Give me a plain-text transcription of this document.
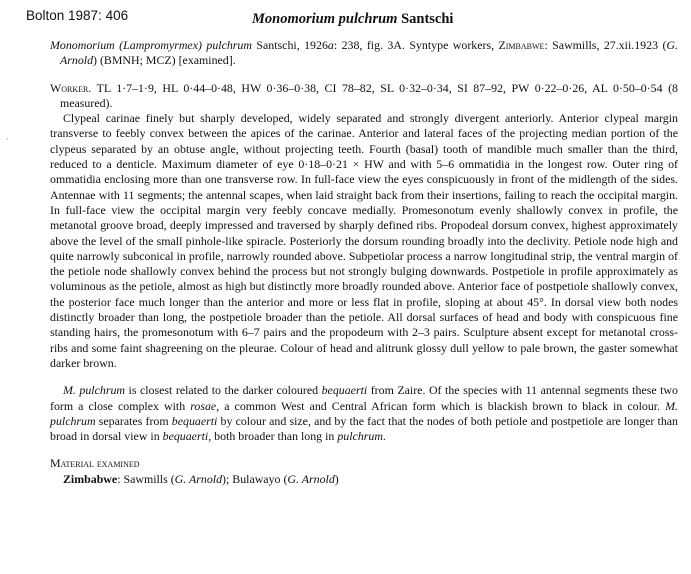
Bolton 1987: 406	Monomorium pulchrum Santschi
·

Monomorium (Lampromyrmex) pulchrum Santschi, 1926a: 238, fig. 3A. Syntype workers, Zimbabwe: Sawmills, 27.xii.1923 (G. Arnold) (BMNH; MCZ) [examined].

Worker. TL 1·7–1·9, HL 0·44–0·48, HW 0·36–0·38, CI 78–82, SL 0·32–0·34, SI 87–92, PW 0·22–0·26, AL 0·50–0·54 (8 measured).

Clypeal carinae finely but sharply developed, widely separated and strongly divergent anteriorly. Anterior clypeal margin transverse to feebly convex between the apices of the carinae. Anterior and lateral faces of the projecting median portion of the clypeus separated by an obtuse angle, without projecting teeth. Fourth (basal) tooth of mandible much smaller than the third, reduced to a denticle. Maximum diameter of eye 0·18–0·21 × HW and with 5–6 ommatidia in the longest row. Outer ring of ommatidia enclosing more than one transverse row. In full-face view the eyes conspicuously in front of the midlength of the sides. Antennae with 11 segments; the antennal scapes, when laid straight back from their insertions, failing to reach the occipital margin. In full-face view the occipital margin very feebly concave medially. Promesonotum evenly shallowly convex in profile, the metanotal groove broad, deeply impressed and traversed by sharply defined ribs. Propodeal dorsum convex, highest approximately above the level of the small pinhole-like spiracle. Posteriorly the dorsum rounding broadly into the declivity. Petiole node high and quite narrowly subconical in profile, narrowly rounded above. Subpetiolar process a narrow longitudinal strip, the ventral margin of the petiole node shallowly convex behind the process but not strongly bulging downwards. Postpetiole in profile approximately as voluminous as the petiole, almost as high but distinctly more broadly rounded above. Anterior face of postpetiole shallowly convex, the posterior face much longer than the anterior and more or less flat in profile, sloping at about 45°. In dorsal view both nodes distinctly broader than long, the postpetiole broader than the petiole. All dorsal surfaces of head and body with conspicuous fine standing hairs, the promesonotum with 6–7 pairs and the propodeum with 2–3 pairs. Sculpture absent except for metanotal cross-ribs and some faint shagreening on the pleurae. Colour of head and alitrunk glossy dull yellow to pale brown, the gaster somewhat darker brown.

M. pulchrum is closest related to the darker coloured bequaerti from Zaire. Of the species with 11 antennal segments these two form a close complex with rosae, a common West and Central African form which is blackish brown to black in colour. M. pulchrum separates from bequaerti by colour and size, and by the fact that the nodes of both petiole and postpetiole are longer than broad in dorsal view in bequaerti, both broader than long in pulchrum.

Material examined

Zimbabwe: Sawmills (G. Arnold); Bulawayo (G. Arnold)
